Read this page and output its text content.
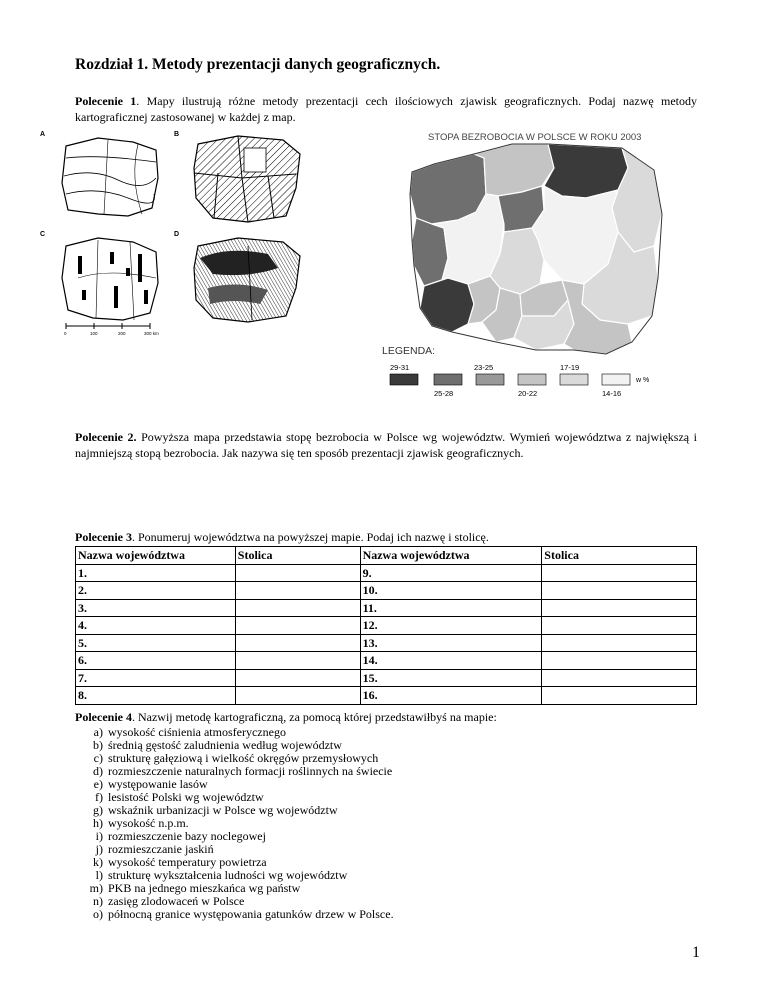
Rozdział 1. Metody prezentacji danych geograficznych.
Polecenie 1. Mapy ilustrują różne metody prezentacji cech ilościowych zjawisk geograficznych. Podaj nazwę metody kartograficznej zastosowanej w każdej z map.
A	B
C	D
0	100	200	300 km
STOPA BEZROBOCIA W POLSCE W ROKU 2003
LEGENDA:
29-31
25-28
23-25
20-22
17-19
14-16
w %
Polecenie 2. Powyższa mapa przedstawia stopę bezrobocia w Polsce wg województw. Wymień województwa z największą i najmniejszą stopą bezrobocia. Jak nazywa się ten sposób prezentacji zjawisk geograficznych.
Polecenie 3. Ponumeruj województwa na powyższej mapie. Podaj ich nazwę i stolicę.
Nazwa województwa	Stolica	Nazwa województwa	Stolica
1.		9.	
2.		10.	
3.		11.	
4.		12.	
5.		13.	
6.		14.	
7.		15.	
8.		16.	
Polecenie 4. Nazwij metodę kartograficzną, za pomocą której przedstawiłbyś na mapie:
a) wysokość ciśnienia atmosferycznego
b) średnią gęstość zaludnienia według województw
c) strukturę gałęziową i wielkość okręgów przemysłowych
d) rozmieszczenie naturalnych formacji roślinnych na świecie
e) występowanie lasów
f) lesistość Polski wg województw
g) wskaźnik urbanizacji w Polsce wg województw
h) wysokość n.p.m.
i) rozmieszczenie bazy noclegowej
j) rozmieszczanie jaskiń
k) wysokość temperatury powietrza
l) strukturę wykształcenia ludności wg województw
m) PKB na jednego mieszkańca wg państw
n) zasięg zlodowaceń w Polsce
o) północną granice występowania gatunków drzew w Polsce.
1
